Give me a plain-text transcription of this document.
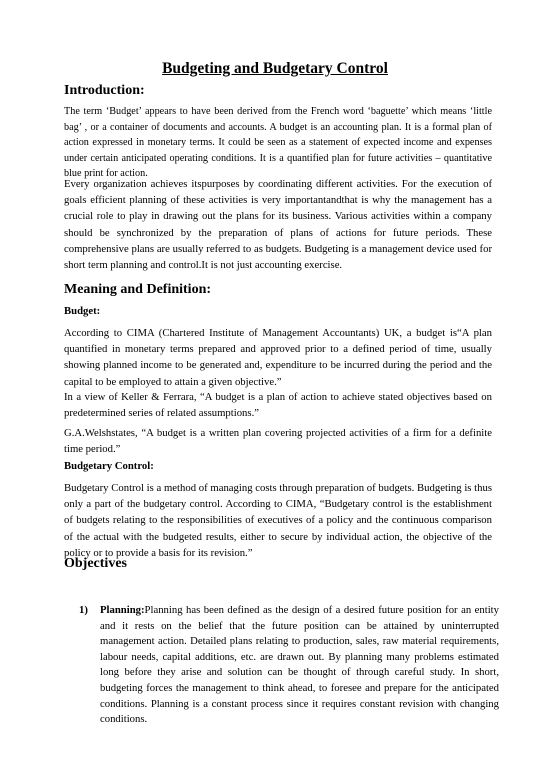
Budgeting and Budgetary Control
Introduction:

The term ‘Budget’ appears to have been derived from the French word ‘baguette’ which means ‘little bag’ , or a container of documents and accounts. A budget is an accounting plan. It is a formal plan of action expressed in monetary terms. It could be seen as a statement of expected income and expenses under certain anticipated operating conditions. It is a quantified plan for future activities – quantitative blue print for action.

Every organization achieves itspurposes by coordinating different activities. For the execution of goals efficient planning of these activities is very importantandthat is why the management has a crucial role to play in drawing out the plans for its business. Various activities within a company should be synchronized by the preparation of plans of actions for future periods. These comprehensive plans are usually referred to as budgets. Budgeting is a management device used for short term planning and control.It is not just accounting exercise.

Meaning and Definition:

Budget:

According to CIMA (Chartered Institute of Management Accountants) UK, a budget is“A plan quantified in monetary terms prepared and approved prior to a defined period of time, usually showing planned income to be generated and, expenditure to be incurred during the period and the capital to be employed to attain a given objective.”

In a view of Keller & Ferrara, “A budget is a plan of action to achieve stated objectives based on predetermined series of related assumptions.”

G.A.Welshstates, “A budget is a written plan covering projected activities of a firm for a definite time period.”

Budgetary Control:

Budgetary Control is a method of managing costs through preparation of budgets. Budgeting is thus only a part of the budgetary control. According to CIMA, “Budgetary control is the establishment of budgets relating to the responsibilities of executives of a policy and the continuous comparison of the actual with the budgeted results, either to secure by individual action, the objective of the policy or to provide a basis for its revision.”

Objectives
1) Planning:Planning has been defined as the design of a desired future position for an entity and it rests on the belief that the future position can be attained by uninterrupted management action. Detailed plans relating to production, sales, raw material requirements, labour needs, capital additions, etc. are drawn out. By planning many problems estimated long before they arise and solution can be thought of through careful study. In short, budgeting forces the management to think ahead, to foresee and prepare for the anticipated conditions. Planning is a constant process since it requires constant revision with changing conditions.
